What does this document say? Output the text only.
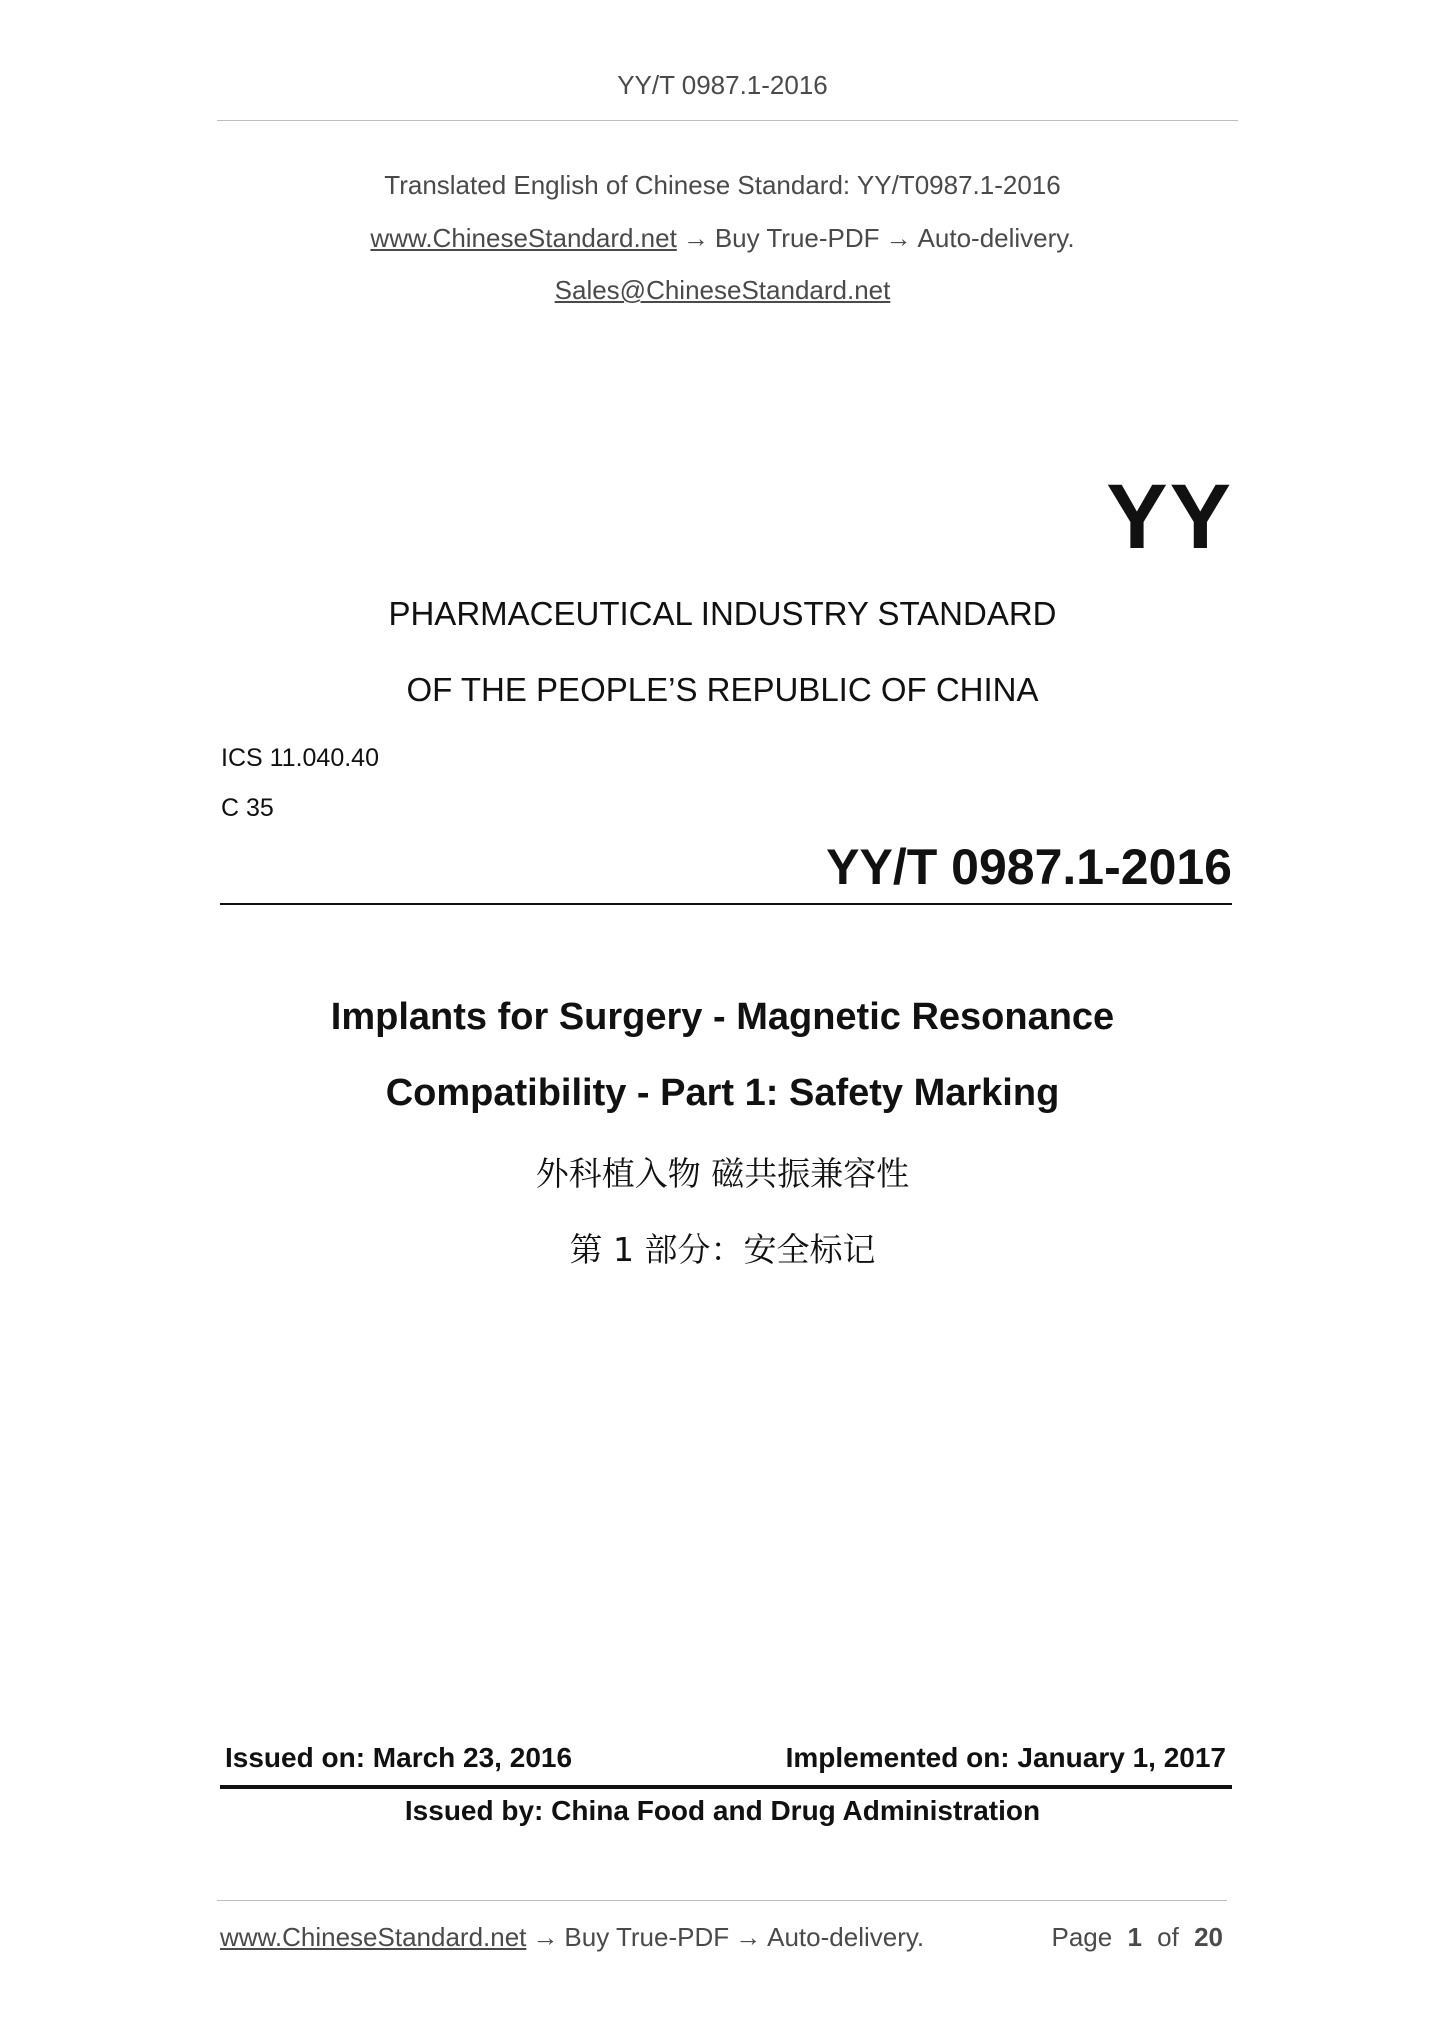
YY/T 0987.1-2016
Translated English of Chinese Standard: YY/T0987.1-2016
www.ChineseStandard.net → Buy True-PDF → Auto-delivery.
Sales@ChineseStandard.net
YY
PHARMACEUTICAL INDUSTRY STANDARD
OF THE PEOPLE’S REPUBLIC OF CHINA
ICS 11.040.40
C 35
YY/T 0987.1-2016
Implants for Surgery - Magnetic Resonance
Compatibility - Part 1: Safety Marking
外科植入物 磁共振兼容性
第 1 部分：安全标记
Issued on: March 23, 2016	Implemented on: January 1, 2017
Issued by: China Food and Drug Administration
www.ChineseStandard.net → Buy True-PDF → Auto-delivery.	Page 1 of 20
